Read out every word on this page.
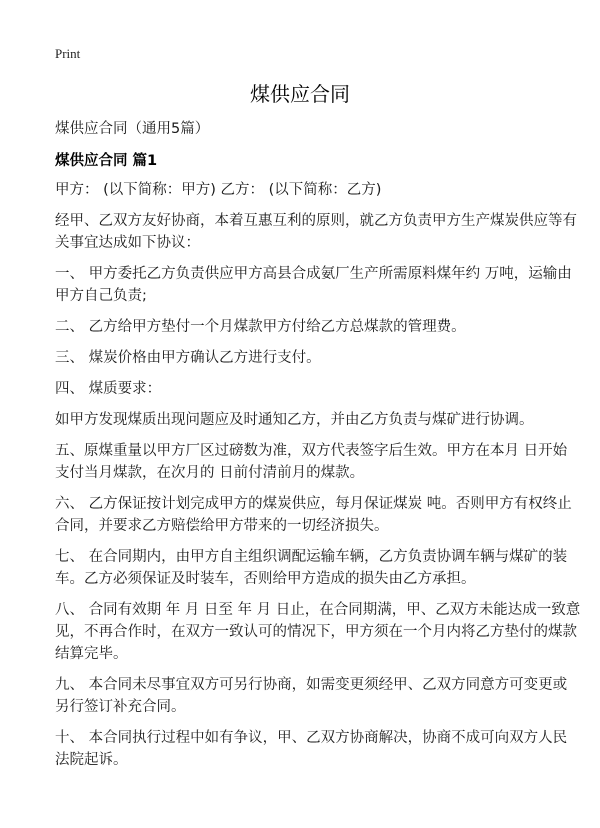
Print
煤供应合同
煤供应合同（通用5篇）
煤供应合同 篇1
甲方： (以下简称：甲方) 乙方： (以下简称：乙方)
经甲、乙双方友好协商，本着互惠互利的原则，就乙方负责甲方生产煤炭供应等有
关事宜达成如下协议：
一、 甲方委托乙方负责供应甲方高县合成氨厂生产所需原料煤年约 万吨，运输由
甲方自己负责;
二、 乙方给甲方垫付一个月煤款甲方付给乙方总煤款的管理费。
三、 煤炭价格由甲方确认乙方进行支付。
四、 煤质要求：
如甲方发现煤质出现问题应及时通知乙方，并由乙方负责与煤矿进行协调。
五、原煤重量以甲方厂区过磅数为准，双方代表签字后生效。甲方在本月 日开始
支付当月煤款，在次月的 日前付清前月的煤款。
六、 乙方保证按计划完成甲方的煤炭供应，每月保证煤炭 吨。否则甲方有权终止
合同，并要求乙方赔偿给甲方带来的一切经济损失。
七、 在合同期内，由甲方自主组织调配运输车辆，乙方负责协调车辆与煤矿的装
车。乙方必须保证及时装车，否则给甲方造成的损失由乙方承担。
八、 合同有效期 年 月 日至 年 月 日止，在合同期满，甲、乙双方未能达成一致意
见，不再合作时，在双方一致认可的情况下，甲方须在一个月内将乙方垫付的煤款
结算完毕。
九、 本合同未尽事宜双方可另行协商，如需变更须经甲、乙双方同意方可变更或
另行签订补充合同。
十、 本合同执行过程中如有争议，甲、乙双方协商解决，协商不成可向双方人民
法院起诉。
